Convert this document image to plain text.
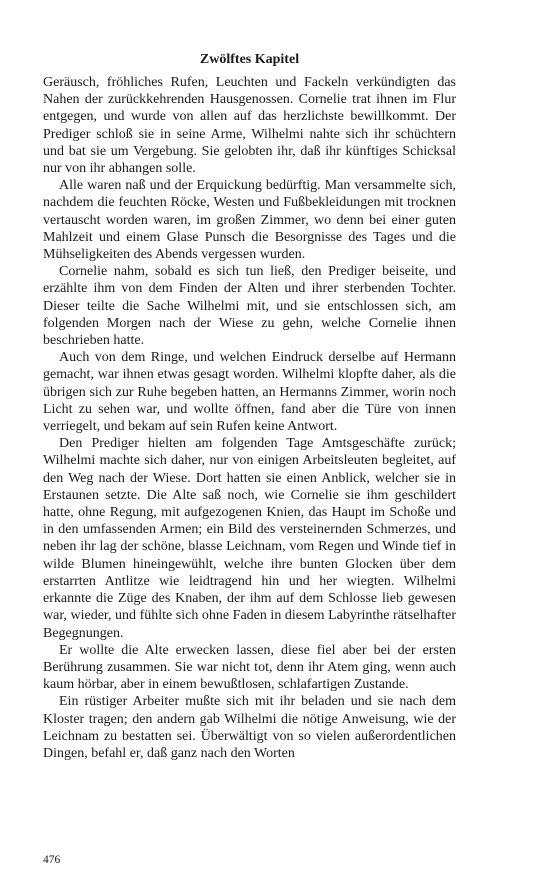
Zwölftes Kapitel

Geräusch, fröhliches Rufen, Leuchten und Fackeln verkündigten das Nahen der zurückkehrenden Hausgenossen. Cornelie trat ihnen im Flur entgegen, und wurde von allen auf das herzlichste bewillkommt. Der Prediger schloß sie in seine Arme, Wilhelmi nahte sich ihr schüchtern und bat sie um Vergebung. Sie gelobten ihr, daß ihr künftiges Schicksal nur von ihr abhangen solle.

Alle waren naß und der Erquickung bedürftig. Man versammelte sich, nachdem die feuchten Röcke, Westen und Fußbekleidungen mit trocknen vertauscht worden waren, im großen Zimmer, wo denn bei einer guten Mahlzeit und einem Glase Punsch die Besorgnisse des Tages und die Mühseligkeiten des Abends vergessen wurden.

Cornelie nahm, sobald es sich tun ließ, den Prediger beiseite, und erzählte ihm von dem Finden der Alten und ihrer sterbenden Tochter. Dieser teilte die Sache Wilhelmi mit, und sie entschlossen sich, am folgenden Morgen nach der Wiese zu gehn, welche Cornelie ihnen beschrieben hatte.

Auch von dem Ringe, und welchen Eindruck derselbe auf Hermann gemacht, war ihnen etwas gesagt worden. Wilhelmi klopfte daher, als die übrigen sich zur Ruhe begeben hatten, an Hermanns Zimmer, worin noch Licht zu sehen war, und wollte öffnen, fand aber die Türe von innen verriegelt, und bekam auf sein Rufen keine Antwort.

Den Prediger hielten am folgenden Tage Amtsgeschäfte zurück; Wilhelmi machte sich daher, nur von einigen Arbeitsleuten begleitet, auf den Weg nach der Wiese. Dort hatten sie einen Anblick, welcher sie in Erstaunen setzte. Die Alte saß noch, wie Cornelie sie ihm geschildert hatte, ohne Regung, mit aufgezogenen Knien, das Haupt im Schoße und in den umfassenden Armen; ein Bild des versteinernden Schmerzes, und neben ihr lag der schöne, blasse Leichnam, vom Regen und Winde tief in wilde Blumen hineingewühlt, welche ihre bunten Glocken über dem erstarrten Antlitze wie leidtragend hin und her wiegten. Wilhelmi erkannte die Züge des Knaben, der ihm auf dem Schlosse lieb gewesen war, wieder, und fühlte sich ohne Faden in diesem Labyrinthe rätselhafter Begegnungen.

Er wollte die Alte erwecken lassen, diese fiel aber bei der ersten Berührung zusammen. Sie war nicht tot, denn ihr Atem ging, wenn auch kaum hörbar, aber in einem bewußtlosen, schlafartigen Zustande.

Ein rüstiger Arbeiter mußte sich mit ihr beladen und sie nach dem Kloster tragen; den andern gab Wilhelmi die nötige Anweisung, wie der Leichnam zu bestatten sei. Überwältigt von so vielen außerordentlichen Dingen, befahl er, daß ganz nach den Worten

476
